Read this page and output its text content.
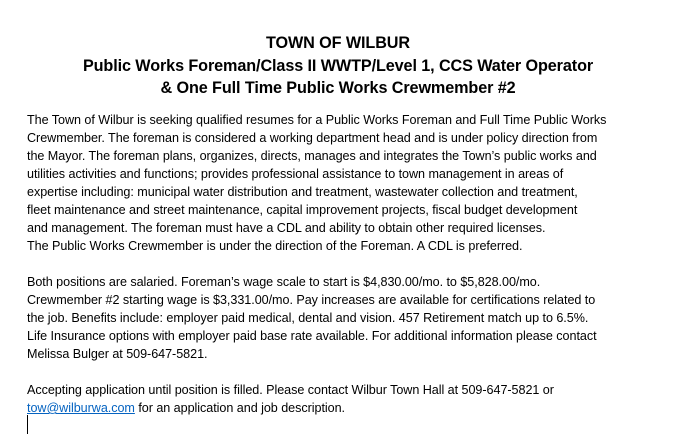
TOWN OF WILBUR
Public Works Foreman/Class II WWTP/Level 1, CCS Water Operator
& One Full Time Public Works Crewmember #2
The Town of Wilbur is seeking qualified resumes for a Public Works Foreman and Full Time Public Works
Crewmember. The foreman is considered a working department head and is under policy direction from
the Mayor. The foreman plans, organizes, directs, manages and integrates the Town’s public works and
utilities activities and functions; provides professional assistance to town management in areas of
expertise including: municipal water distribution and treatment, wastewater collection and treatment,
fleet maintenance and street maintenance, capital improvement projects, fiscal budget development
and management. The foreman must have a CDL and ability to obtain other required licenses.
The Public Works Crewmember is under the direction of the Foreman. A CDL is preferred.
Both positions are salaried. Foreman’s wage scale to start is $4,830.00/mo. to $5,828.00/mo.
Crewmember #2 starting wage is $3,331.00/mo. Pay increases are available for certifications related to
the job. Benefits include: employer paid medical, dental and vision. 457 Retirement match up to 6.5%.
Life Insurance options with employer paid base rate available. For additional information please contact
Melissa Bulger at 509-647-5821.
Accepting application until position is filled. Please contact Wilbur Town Hall at 509-647-5821 or
tow@wilburwa.com for an application and job description.
